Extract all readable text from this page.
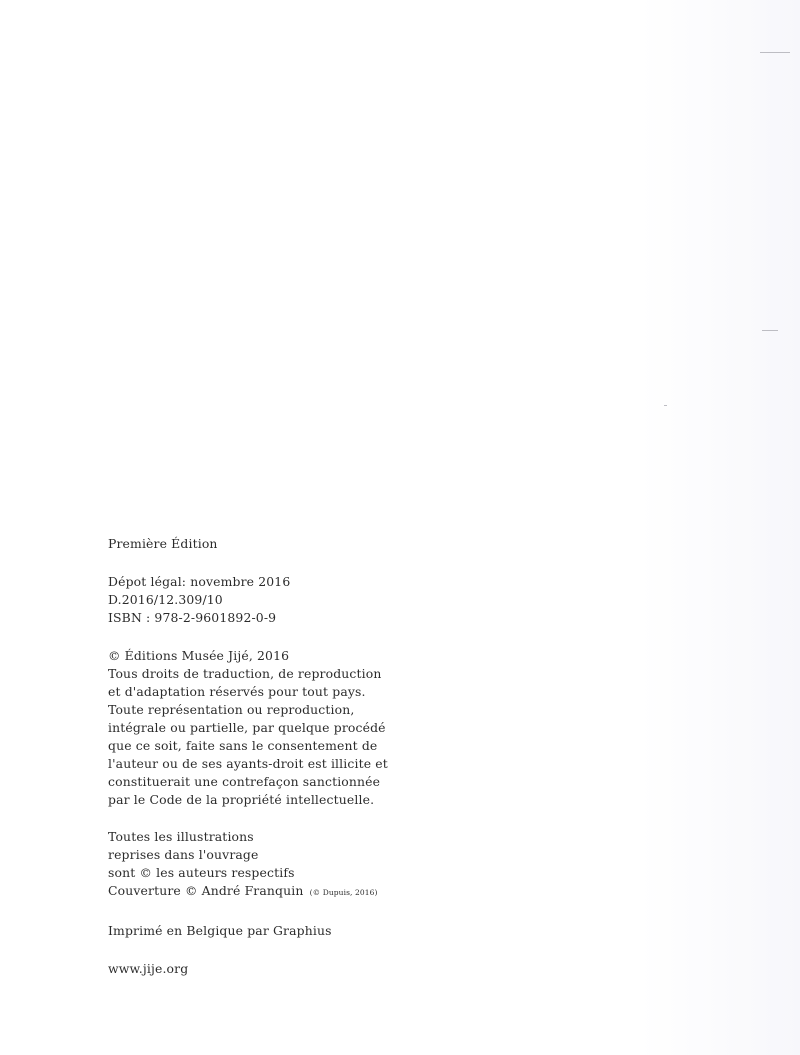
Première Édition
Dépot légal: novembre 2016
D.2016/12.309/10
ISBN : 978-2-9601892-0-9
© Éditions Musée Jijé, 2016
Tous droits de traduction, de reproduction
et d'adaptation réservés pour tout pays.
Toute représentation ou reproduction,
intégrale ou partielle, par quelque procédé
que ce soit, faite sans le consentement de
l'auteur ou de ses ayants-droit est illicite et
constituerait une contrefaçon sanctionnée
par le Code de la propriété intellectuelle.
Toutes les illustrations
reprises dans l'ouvrage
sont © les auteurs respectifs
Couverture © André Franquin (© Dupuis, 2016)
Imprimé en Belgique par Graphius
www.jije.org
